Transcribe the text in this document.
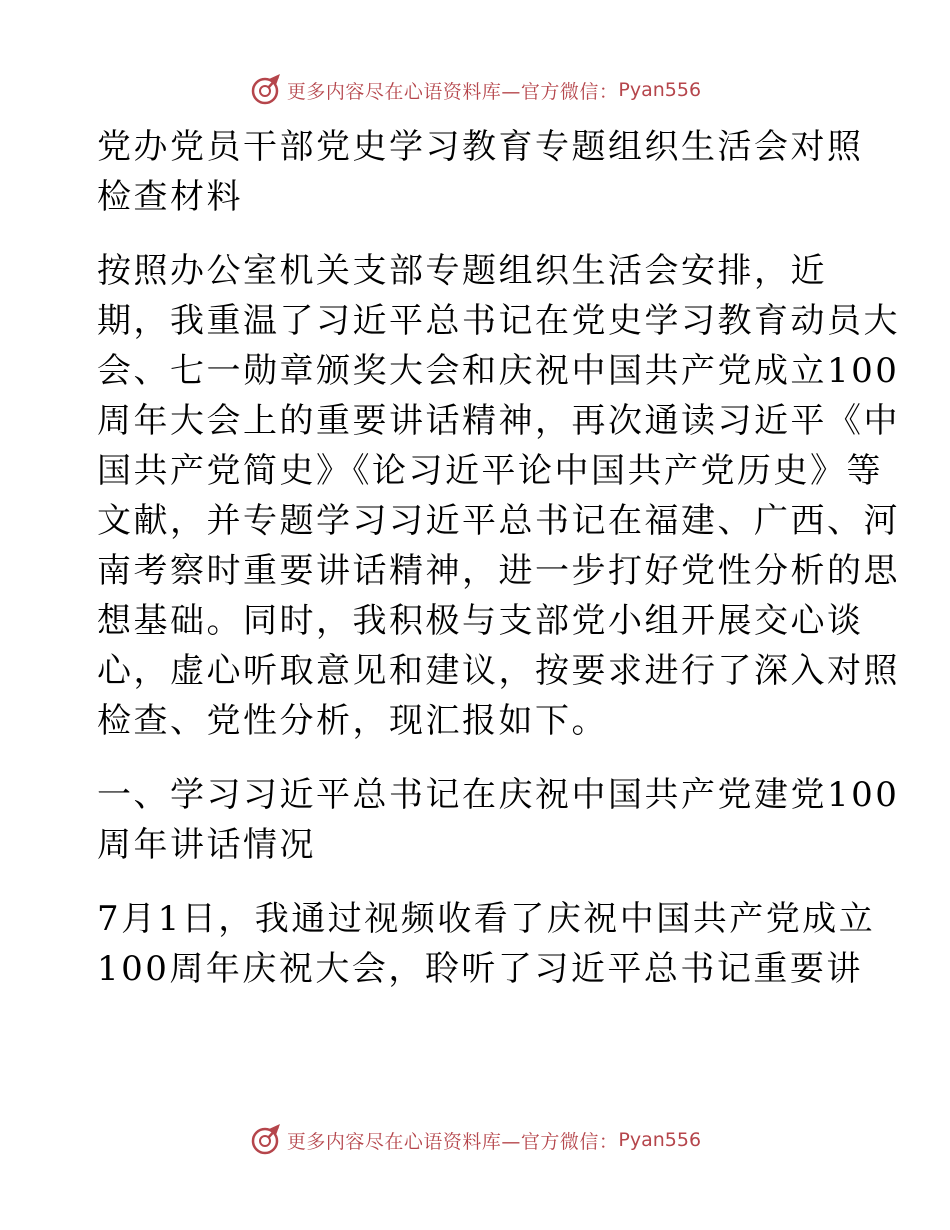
更多内容尽在心语资料库—官方微信： Pyan556
党办党员干部党史学习教育专题组织生活会对照
检查材料
按照办公室机关支部专题组织生活会安排，近
期，我重温了习近平总书记在党史学习教育动员大
会、七一勋章颁奖大会和庆祝中国共产党成立100
周年大会上的重要讲话精神，再次通读习近平《中
国共产党简史》《论习近平论中国共产党历史》等
文献，并专题学习习近平总书记在福建、广西、河
南考察时重要讲话精神，进一步打好党性分析的思
想基础。同时，我积极与支部党小组开展交心谈
心，虚心听取意见和建议，按要求进行了深入对照
检查、党性分析，现汇报如下。
一、学习习近平总书记在庆祝中国共产党建党100
周年讲话情况
7月1日，我通过视频收看了庆祝中国共产党成立
100周年庆祝大会，聆听了习近平总书记重要讲
更多内容尽在心语资料库—官方微信： Pyan556
